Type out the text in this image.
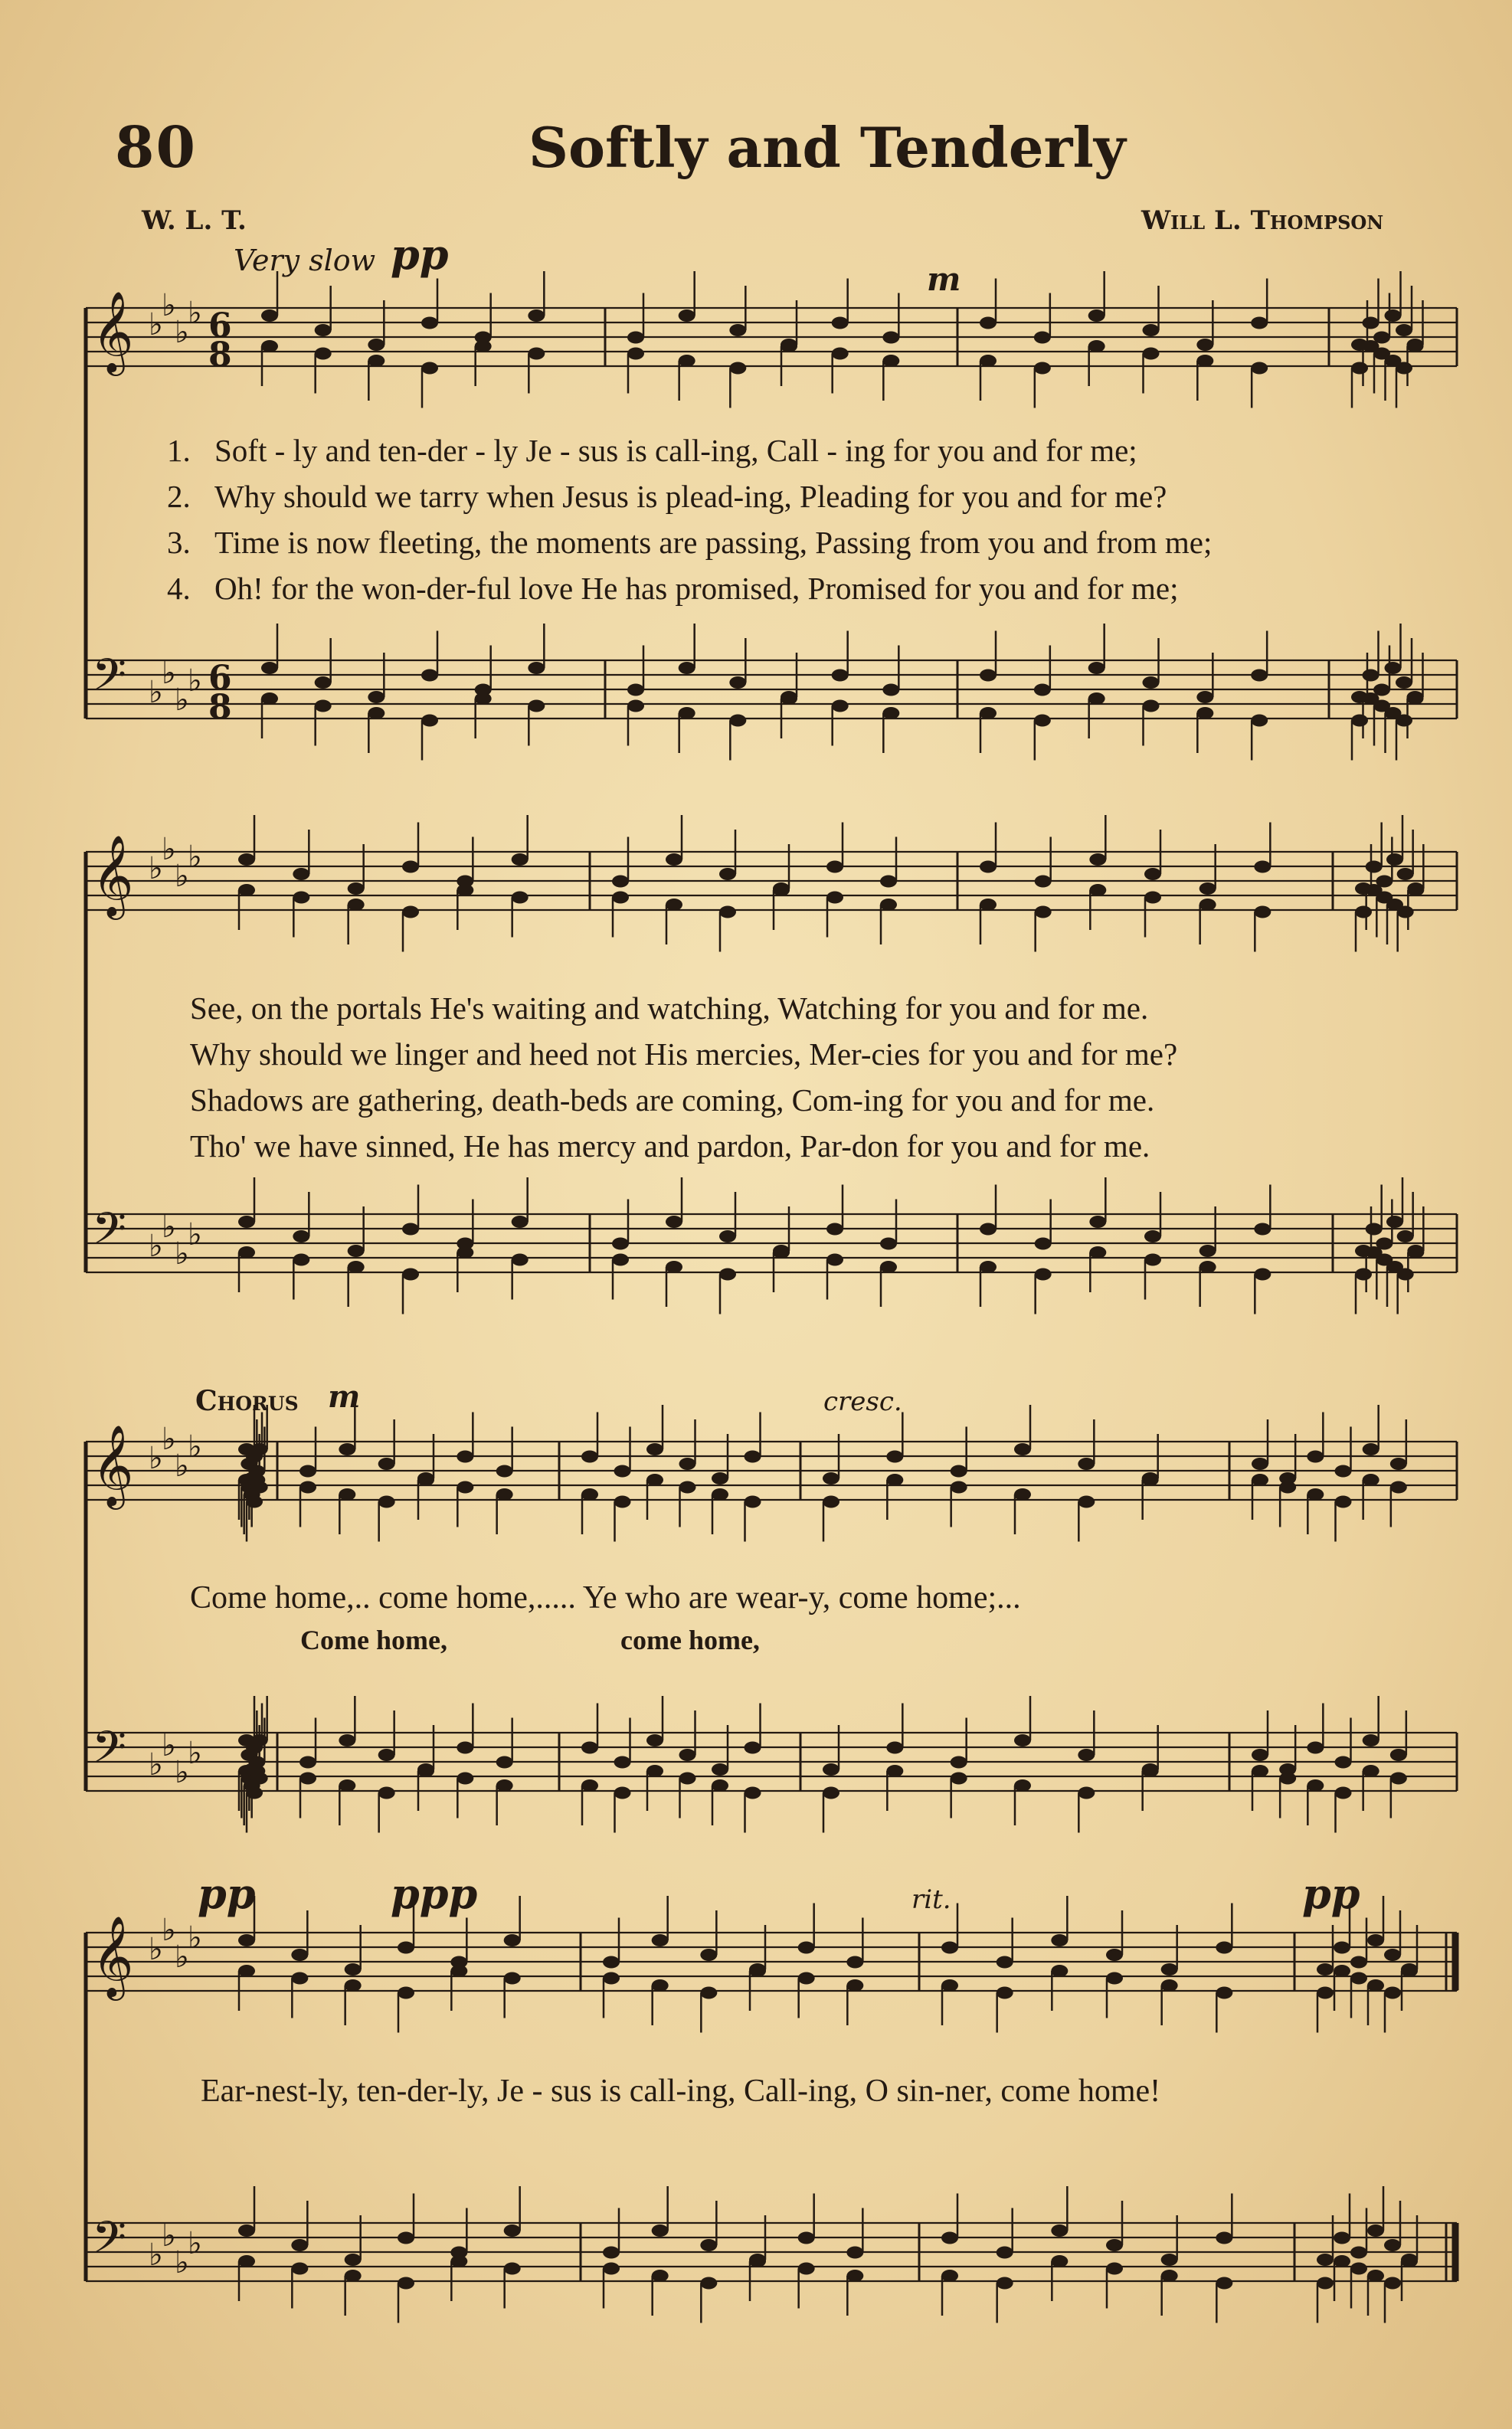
80	Softly and Tenderly
W. L. T.	Will L. Thompson
Very slow pp
m
Chorus m	cresc.
pp	ppp	rit.	pp
𝄞 ♭
♭
♭
♭ 6
8
𝄢 ♭
♭
♭
♭ 6
8
𝄞 ♭
♭
♭
♭
𝄢 ♭
♭
♭
♭
𝄞 ♭
♭
♭
♭
𝄢 ♭
♭
♭
♭
𝄞 ♭
♭
♭
♭
𝄢 ♭
♭
♭
♭
1. Soft - ly and ten-der - ly Je - sus is call-ing, Call - ing for you and for me;
2. Why should we tarry when Jesus is plead-ing, Pleading for you and for me?
3. Time is now fleeting, the moments are passing, Passing from you and from me;
4. Oh! for the won-der-ful love He has promised, Promised for you and for me;
See, on the portals He's waiting and watching, Watching for you and for me.
Why should we linger and heed not His mercies, Mer-cies for you and for me?
Shadows are gathering, death-beds are coming, Com-ing for you and for me.
Tho' we have sinned, He has mercy and pardon, Par-don for you and for me.
Come home,.. come home,..... Ye who are wear-y, come home;...
Come home,	come home,
Ear-nest-ly, ten-der-ly, Je - sus is call-ing, Call-ing, O sin-ner, come home!
